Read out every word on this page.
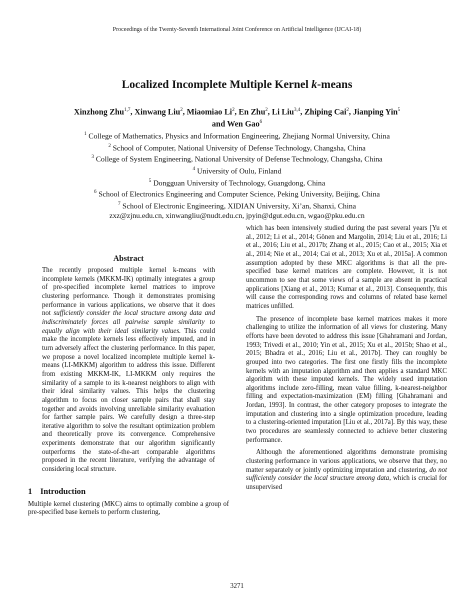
Proceedings of the Twenty-Seventh International Joint Conference on Artificial Intelligence (IJCAI-18)
Localized Incomplete Multiple Kernel k-means
Xinzhong Zhu$^{1,7}$, Xinwang Liu$^2$, Miaomiao Li$^2$, En Zhu$^2$, Li Liu$^{3,4}$, Zhiping Cai$^2$, Jianping Yin$^5$ and Wen Gao$^6$
$^1$ College of Mathematics, Physics and Information Engineering, Zhejiang Normal University, China
$^2$ School of Computer, National University of Defense Technology, Changsha, China
$^3$ College of System Engineering, National University of Defense Technology, Changsha, China
$^4$ University of Oulu, Finland
$^5$ Dongguan University of Technology, Guangdong, China
$^6$ School of Electronics Engineering and Computer Science, Peking University, Beijing, China
$^7$ School of Electronic Engineering, XIDIAN University, Xi’an, Shanxi, China
zxz@zjnu.edu.cn, xinwangliu@nudt.edu.cn, jpyin@dgut.edu.cn, wgao@pku.edu.cn
Abstract

The recently proposed multiple kernel k-means with incomplete kernels (MKKM-IK) optimally integrates a group of pre-specified incomplete kernel matrices to improve clustering performance. Though it demonstrates promising performance in various applications, we observe that it does not sufficiently consider the local structure among data and indiscriminately forces all pairwise sample similarity to equally align with their ideal similarity values. This could make the incomplete kernels less effectively imputed, and in turn adversely affect the clustering performance. In this paper, we propose a novel localized incomplete multiple kernel k-means (LI-MKKM) algorithm to address this issue. Different from existing MKKM-IK, LI-MKKM only requires the similarity of a sample to its k-nearest neighbors to align with their ideal similarity values. This helps the clustering algorithm to focus on closer sample pairs that shall stay together and avoids involving unreliable similarity evaluation for farther sample pairs. We carefully design a three-step iterative algorithm to solve the resultant optimization problem and theoretically prove its convergence. Comprehensive experiments demonstrate that our algorithm significantly outperforms the state-of-the-art comparable algorithms proposed in the recent literature, verifying the advantage of considering local structure.

1 Introduction

Multiple kernel clustering (MKC) aims to optimally combine a group of pre-specified base kernels to perform clustering,

which has been intensively studied during the past several years [Yu et al., 2012; Li et al., 2014; Gönen and Margolin, 2014; Liu et al., 2016; Li et al., 2016; Liu et al., 2017b; Zhang et al., 2015; Cao et al., 2015; Xia et al., 2014; Nie et al., 2014; Cai et al., 2013; Xu et al., 2015a]. A common assumption adopted by these MKC algorithms is that all the pre-specified base kernel matrices are complete. However, it is not uncommon to see that some views of a sample are absent in practical applications [Xiang et al., 2013; Kumar et al., 2013]. Consequently, this will cause the corresponding rows and columns of related base kernel matrices unfilled.

The presence of incomplete base kernel matrices makes it more challenging to utilize the information of all views for clustering. Many efforts have been devoted to address this issue [Ghahramani and Jordan, 1993; Trivedi et al., 2010; Yin et al., 2015; Xu et al., 2015b; Shao et al., 2015; Bhadra et al., 2016; Liu et al., 2017b]. They can roughly be grouped into two categories. The first one firstly fills the incomplete kernels with an imputation algorithm and then applies a standard MKC algorithm with these imputed kernels. The widely used imputation algorithms include zero-filling, mean value filling, k-nearest-neighbor filling and expectation-maximization (EM) filling [Ghahramani and Jordan, 1993]. In contrast, the other category proposes to integrate the imputation and clustering into a single optimization procedure, leading to a clustering-oriented imputation [Liu et al., 2017a]. By this way, these two procedures are seamlessly connected to achieve better clustering performance.

Although the aforementioned algorithms demonstrate promising clustering performance in various applications, we observe that they, no matter separately or jointly optimizing imputation and clustering, do not sufficiently consider the local structure among data, which is crucial for unsupervised

3271
